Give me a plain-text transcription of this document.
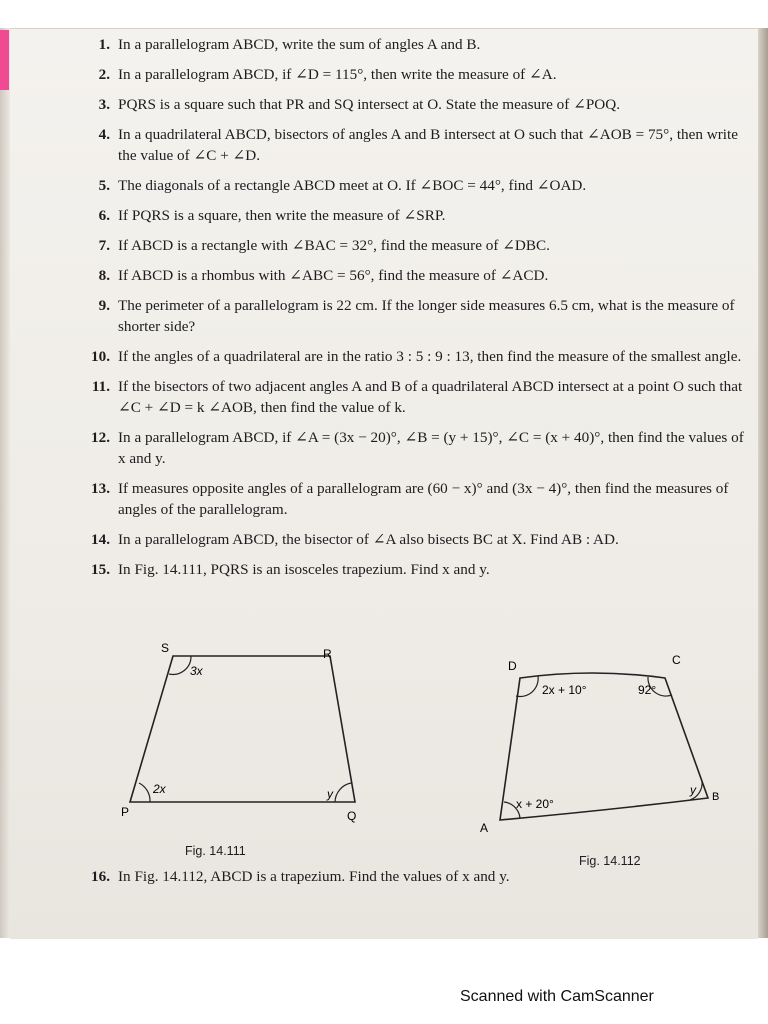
1. In a parallelogram ABCD, write the sum of angles A and B.
2. In a parallelogram ABCD, if ∠D = 115°, then write the measure of ∠A.
3. PQRS is a square such that PR and SQ intersect at O. State the measure of ∠POQ.
4. In a quadrilateral ABCD, bisectors of angles A and B intersect at O such that ∠AOB = 75°, then write the value of ∠C + ∠D.
5. The diagonals of a rectangle ABCD meet at O. If ∠BOC = 44°, find ∠OAD.
6. If PQRS is a square, then write the measure of ∠SRP.
7. If ABCD is a rectangle with ∠BAC = 32°, find the measure of ∠DBC.
8. If ABCD is a rhombus with ∠ABC = 56°, find the measure of ∠ACD.
9. The perimeter of a parallelogram is 22 cm. If the longer side measures 6.5 cm, what is the measure of shorter side?
10. If the angles of a quadrilateral are in the ratio 3 : 5 : 9 : 13, then find the measure of the smallest angle.
11. If the bisectors of two adjacent angles A and B of a quadrilateral ABCD intersect at a point O such that ∠C + ∠D = k ∠AOB, then find the value of k.
12. In a parallelogram ABCD, if ∠A = (3x − 20)°, ∠B = (y + 15)°, ∠C = (x + 40)°, then find the values of x and y.
13. If measures opposite angles of a parallelogram are (60 − x)° and (3x − 4)°, then find the measures of angles of the parallelogram.
14. In a parallelogram ABCD, the bisector of ∠A also bisects BC at X. Find AB : AD.
15. In Fig. 14.111, PQRS is an isosceles trapezium. Find x and y.
S	R
P	Q
3x
2x	y
Fig. 14.111
D	C
A
B
2x + 10°	92°
x + 20°
y
Fig. 14.112
16. In Fig. 14.112, ABCD is a trapezium. Find the values of x and y.
Scanned with CamScanner
